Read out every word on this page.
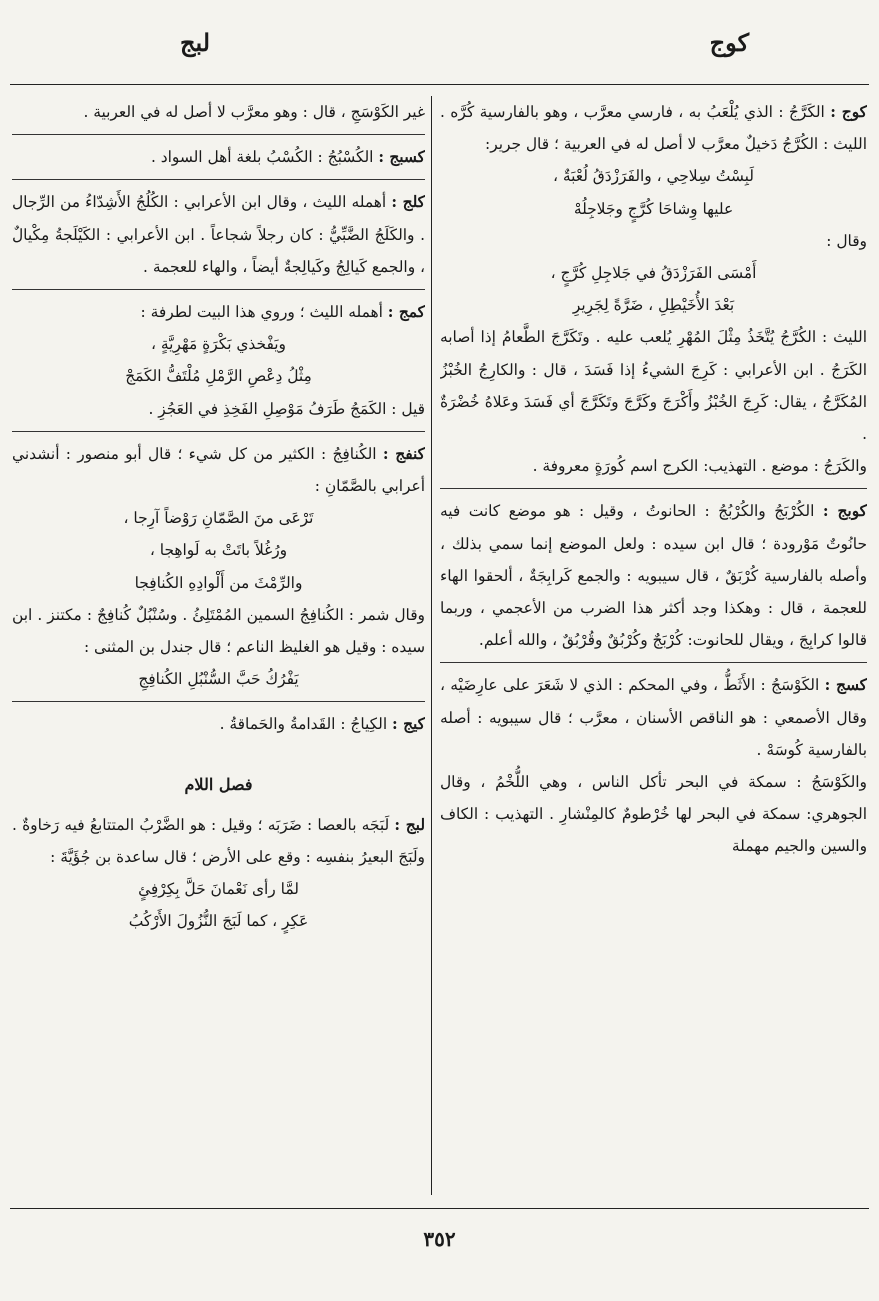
كوج
لبج

كوج : الكَرَّجُ : الذي يُلْعَبُ به ، فارسي معرَّب ، وهو بالفارسية كُرَّه . الليث : الكُرَّجُ دَخيلٌ معرَّب لا أصل له في العربية ؛ قال جرير:

لَبِسْتُ سِلاحِي ، والفَرَزْدَقُ لُعْبَةٌ ،

عليها وِشاحَا كُرَّجٍ وجَلاجِلُهْ

وقال :

أَمْسَى الفَرَزْدَقُ في جَلاجِلِ كُرَّجٍ ،

بَعْدَ الأُخَيْطِلِ ، ضَرَّةً لِجَرِيرِ

الليث : الكُرَّجُ يُتَّخَذُ مِثْلَ المُهْرِ يُلعب عليه . وتَكَرَّجَ الطَّعامُ إذا أصابه الكَرَجُ . ابن الأعرابي : كَرِجَ الشيءُ إذا فَسَدَ ، قال : والكارِجُ الخُبْزُ المُكَرَّجُ ، يقال: كَرِجَ الخُبْزُ وأَكْرَجَ وكَرَّجَ وتَكَرَّجَ أي فَسَدَ وعَلاهُ خُضْرَةٌ .

والكَرَجُ : موضع . التهذيب: الكرج اسم كُورَةٍ معروفة .

كوبج : الكُرْبَجُ والكُرْبُجُ : الحانوتُ ، وقيل : هو موضع كانت فيه حانُوتٌ مَوْرودة ؛ قال ابن سيده : ولعل الموضع إنما سمي بذلك ، وأصله بالفارسية كُرْبَقٌ ، قال سيبويه : والجمع كَرابِجَةٌ ، ألحقوا الهاء للعجمة ، قال : وهكذا وجد أكثر هذا الضرب من الأعجمي ، وربما قالوا كرابِجَ ، ويقال للحانوت: كُرْبَجٌ وكُرْبُقٌ وقُرْبُقٌ ، والله أعلم.

كسج : الكَوْسَجُ : الأَثَطُّ ، وفي المحكم : الذي لا شَعَرَ على عارِضَيْه ، وقال الأصمعي : هو الناقص الأسنان ، معرَّب ؛ قال سيبويه : أصله بالفارسية كُوسَهْ .

والكَوْسَجُ : سمكة في البحر تأكل الناس ، وهي اللُّخْمُ ، وقال الجوهري: سمكة في البحر لها خُرْطومٌ كالمِنْشارِ . التهذيب : الكاف والسين والجيم مهملة

غير الكَوْسَجِ ، قال : وهو معرَّب لا أصل له في العربية .

كسبج : الكُسْبُجُ : الكُسْبُ بلغة أهل السواد .

كلج : أهمله الليث ، وقال ابن الأعرابي : الكُلُجُ الأَشِدّاءُ من الرِّجال . والكَلَجُ الضَّبِّيُّ : كان رجلاً شجاعاً . ابن الأعرابي : الكَيْلَجةُ مِكْيالٌ ، والجمع كَيالِجُ وكَيالِجةٌ أيضاً ، والهاء للعجمة .

كمج : أهمله الليث ؛ وروي هذا البيت لطرفة :

ويَفْخذي بَكْرَةٍ مَهْرِيَّةٍ ،

مِثْلُ دِعْصِ الرَّمْلِ مُلْتَفُّ الكَمَجْ

قيل : الكَمَجُ طَرَفُ مَوْصِلِ الفَخِذِ في العَجُزِ .

كنفج : الكُنافِجُ : الكثير من كل شيء ؛ قال أبو منصور : أنشدني أعرابي بالصَّمّانِ :

تَرْعَى منَ الصَّمّانِ رَوْضاً آرِجا ،

ورُغُلاً باتَتْ به لَواهِجا ،

والرِّمْثَ من أَلْوادِهِ الكُنافِجا

وقال شمر : الكُنافِجُ السمين المُمْتَلِئُ . وسُنْبُلٌ كُنافِجٌ : مكتنز . ابن سيده : وقيل هو الغليظ الناعم ؛ قال جندل بن المثنى :

يَفْرُكُ حَبَّ السُّنْبُلِ الكُنافِجِ

كيج : الكِياجُ : القَدامةُ والحَماقةُ .

فصل اللام

لبج : لَبَجَه بالعصا : ضَرَبَه ؛ وقيل : هو الضَّرْبُ المتتابعُ فيه رَخاوةٌ . ولَبَجَ البعيرُ بنفسِه : وقع على الأرض ؛ قال ساعدة بن جُؤَيَّةَ :

لمَّا رأى نَعْمانَ حَلَّ بِكِرْفِئٍ

عَكِرٍ ، كما لَبَجَ النُّزُولَ الأَرْكُبُ

٣٥٢
